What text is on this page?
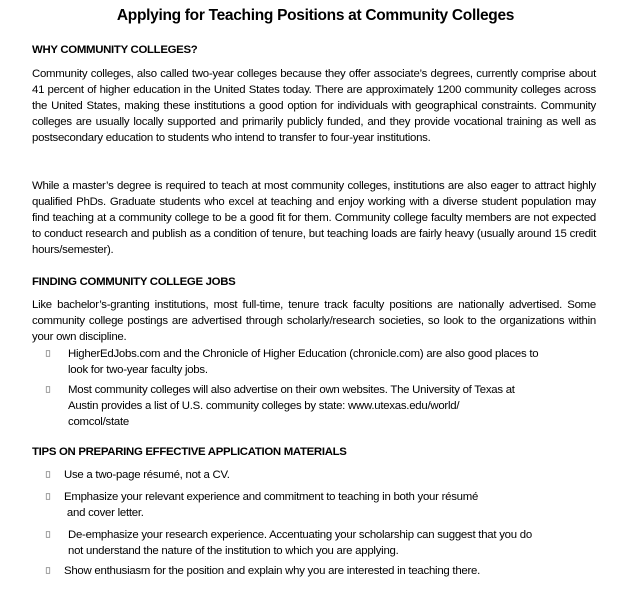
Applying for Teaching Positions at Community Colleges
WHY COMMUNITY COLLEGES?

Community colleges, also called two-year colleges because they offer associate’s degrees, currently comprise about 41 percent of higher education in the United States today. There are approximately 1200 community colleges across the United States, making these institutions a good option for individuals with geographical constraints. Community colleges are usually locally supported and primarily publicly funded, and they provide vocational training as well as postsecondary education to students who intend to transfer to four-year institutions.

While a master’s degree is required to teach at most community colleges, institutions are also eager to attract highly qualified PhDs. Graduate students who excel at teaching and enjoy working with a diverse student population may find teaching at a community college to be a good fit for them. Community college faculty members are not expected to conduct research and publish as a condition of tenure, but teaching loads are fairly heavy (usually around 15 credit hours/semester).

FINDING COMMUNITY COLLEGE JOBS

Like bachelor’s-granting institutions, most full-time, tenure track faculty positions are nationally advertised. Some community college postings are advertised through scholarly/research societies, so look to the organizations within your own discipline.

HigherEdJobs.com and the Chronicle of Higher Education (chronicle.com) are also good places to
look for two-year faculty jobs.
Most community colleges will also advertise on their own websites. The University of Texas at
Austin provides a list of U.S. community colleges by state: www.utexas.edu/world/
comcol/state
TIPS ON PREPARING EFFECTIVE APPLICATION MATERIALS
Use a two-page résumé, not a CV.
Emphasize your relevant experience and commitment to teaching in both your résumé
and cover letter.
De-emphasize your research experience. Accentuating your scholarship can suggest that you do
not understand the nature of the institution to which you are applying.
Show enthusiasm for the position and explain why you are interested in teaching there.
